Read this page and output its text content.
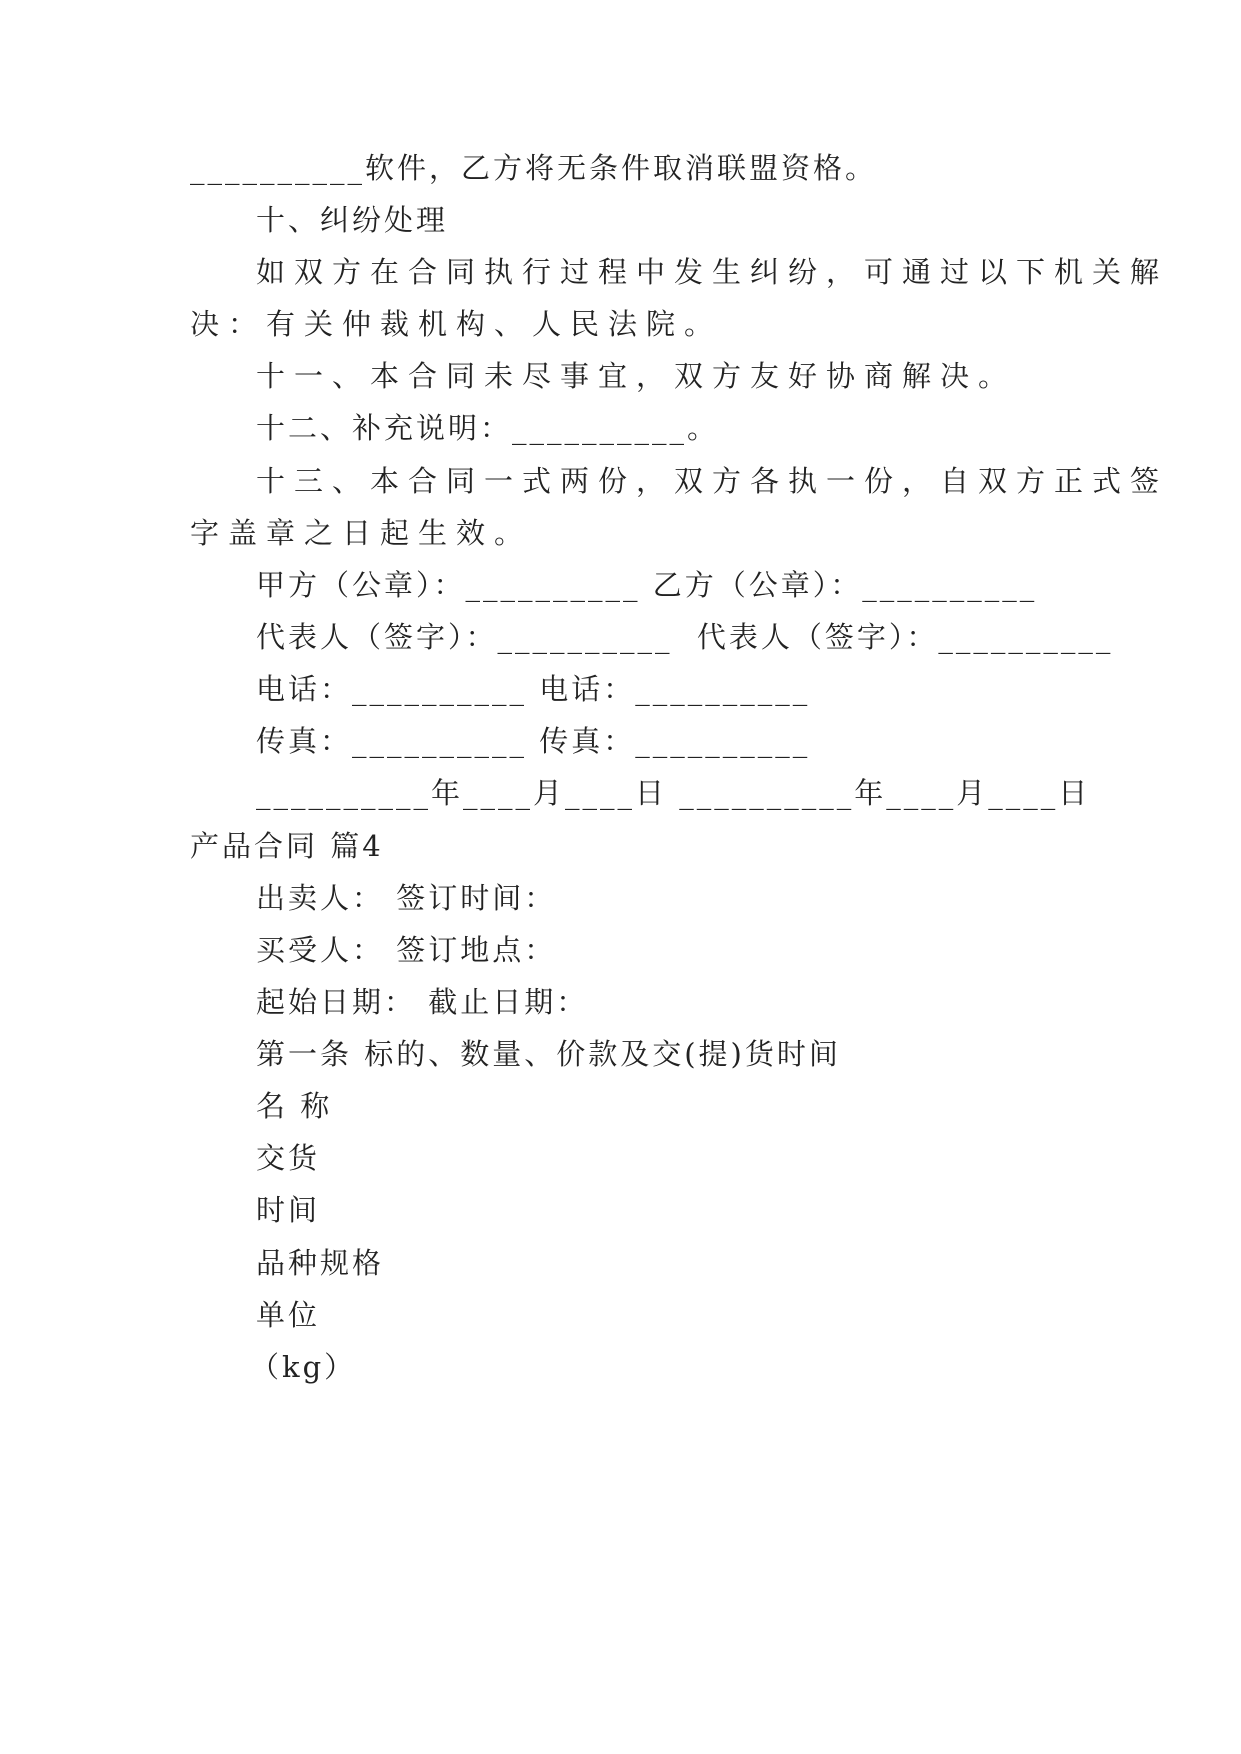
__________软件，乙方将无条件取消联盟资格。
十、纠纷处理
如双方在合同执行过程中发生纠纷，可通过以下机关解
决：有关仲裁机构、人民法院。
十一、本合同未尽事宜，双方友好协商解决。
十二、补充说明：__________。
十三、本合同一式两份，双方各执一份，自双方正式签
字盖章之日起生效。
甲方（公章）：__________ 乙方（公章）：__________
代表人（签字）：__________  代表人（签字）：__________
电话：__________ 电话：__________
传真：__________ 传真：__________
__________年____月____日 __________年____月____日
产品合同 篇4
出卖人： 签订时间：
买受人： 签订地点：
起始日期： 截止日期：
第一条 标的、数量、价款及交(提)货时间
名 称
交货
时间
品种规格
单位
（kg）
